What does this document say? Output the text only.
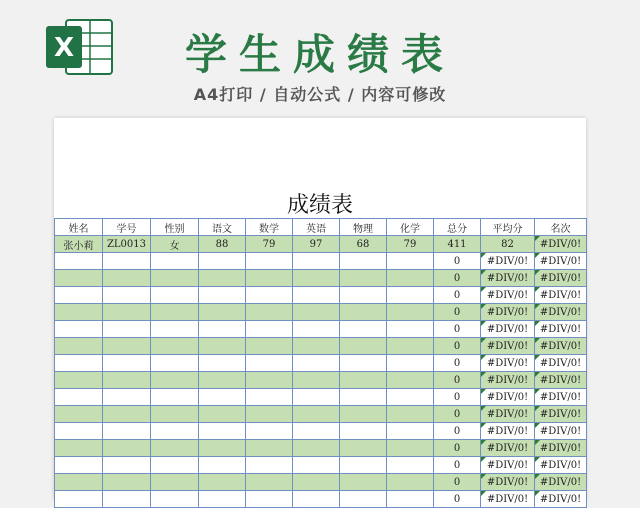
X	学生成绩表
A4打印 / 自动公式 / 内容可修改
成绩表
姓名	学号	性别	语文	数学	英语	物理	化学	总分	平均分	名次
张小莉	ZL0013	女	88	79	97	68	79	411	82	#DIV/0!
								0	#DIV/0!	#DIV/0!
								0	#DIV/0!	#DIV/0!
								0	#DIV/0!	#DIV/0!
								0	#DIV/0!	#DIV/0!
								0	#DIV/0!	#DIV/0!
								0	#DIV/0!	#DIV/0!
								0	#DIV/0!	#DIV/0!
								0	#DIV/0!	#DIV/0!
								0	#DIV/0!	#DIV/0!
								0	#DIV/0!	#DIV/0!
								0	#DIV/0!	#DIV/0!
								0	#DIV/0!	#DIV/0!
								0	#DIV/0!	#DIV/0!
								0	#DIV/0!	#DIV/0!
								0	#DIV/0!	#DIV/0!
